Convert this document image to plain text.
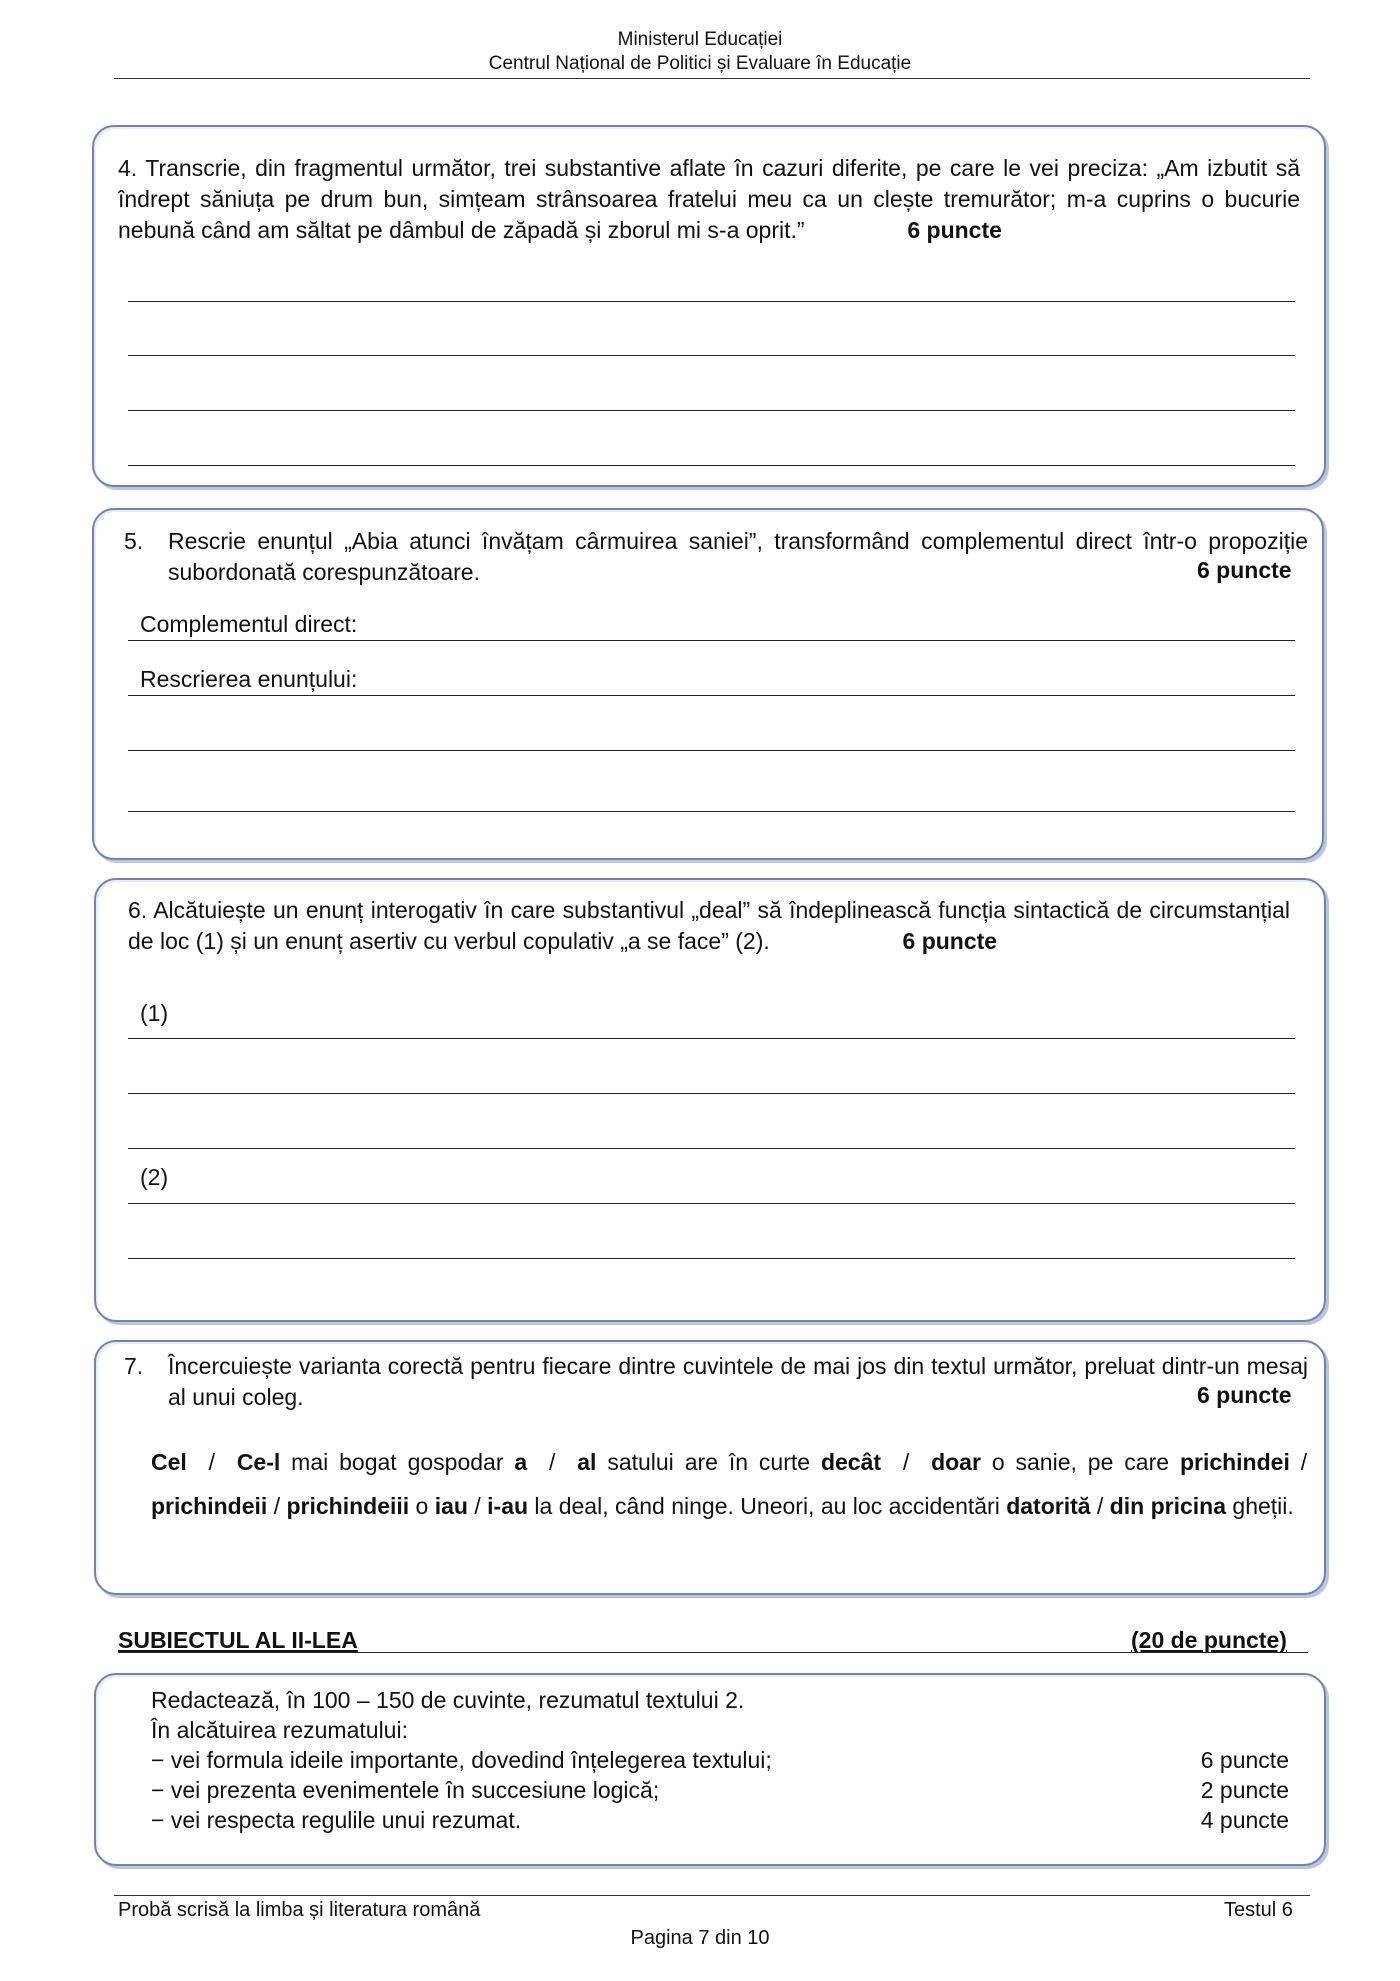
Ministerul Educației
Centrul Național de Politici și Evaluare în Educație
4. Transcrie, din fragmentul următor, trei substantive aflate în cazuri diferite, pe care le vei preciza: „Am izbutit să îndrept săniuța pe drum bun, simțeam strânsoarea fratelui meu ca un clește tremurător; m-a cuprins o bucurie nebună când am săltat pe dâmbul de zăpadă și zborul mi s-a oprit.”	6 puncte
5. Rescrie enunțul „Abia atunci învățam cârmuirea saniei”, transformând complementul direct într-o propoziție subordonată corespunzătoare.	6 puncte
Complementul direct:
Rescrierea enunțului:
6. Alcătuiește un enunț interogativ în care substantivul „deal” să îndeplinească funcția sintactică de circumstanțial de loc (1) și un enunț asertiv cu verbul copulativ „a se face” (2).	6 puncte
(1)
(2)
7. Încercuiește varianta corectă pentru fiecare dintre cuvintele de mai jos din textul următor, preluat dintr-un mesaj al unui coleg.	6 puncte
Cel / Ce-l mai bogat gospodar a / al satului are în curte decât / doar o sanie, pe care prichindei / prichindeii / prichindeiii o iau / i-au la deal, când ninge. Uneori, au loc accidentări datorită / din pricina gheții.
SUBIECTUL AL II-LEA	(20 de puncte)
Redactează, în 100 – 150 de cuvinte, rezumatul textului 2.
În alcătuirea rezumatului:
− vei formula ideile importante, dovedind înțelegerea textului;	6 puncte
− vei prezenta evenimentele în succesiune logică;	2 puncte
− vei respecta regulile unui rezumat.	4 puncte
Probă scrisă la limba și literatura română	Testul 6
Pagina 7 din 10
